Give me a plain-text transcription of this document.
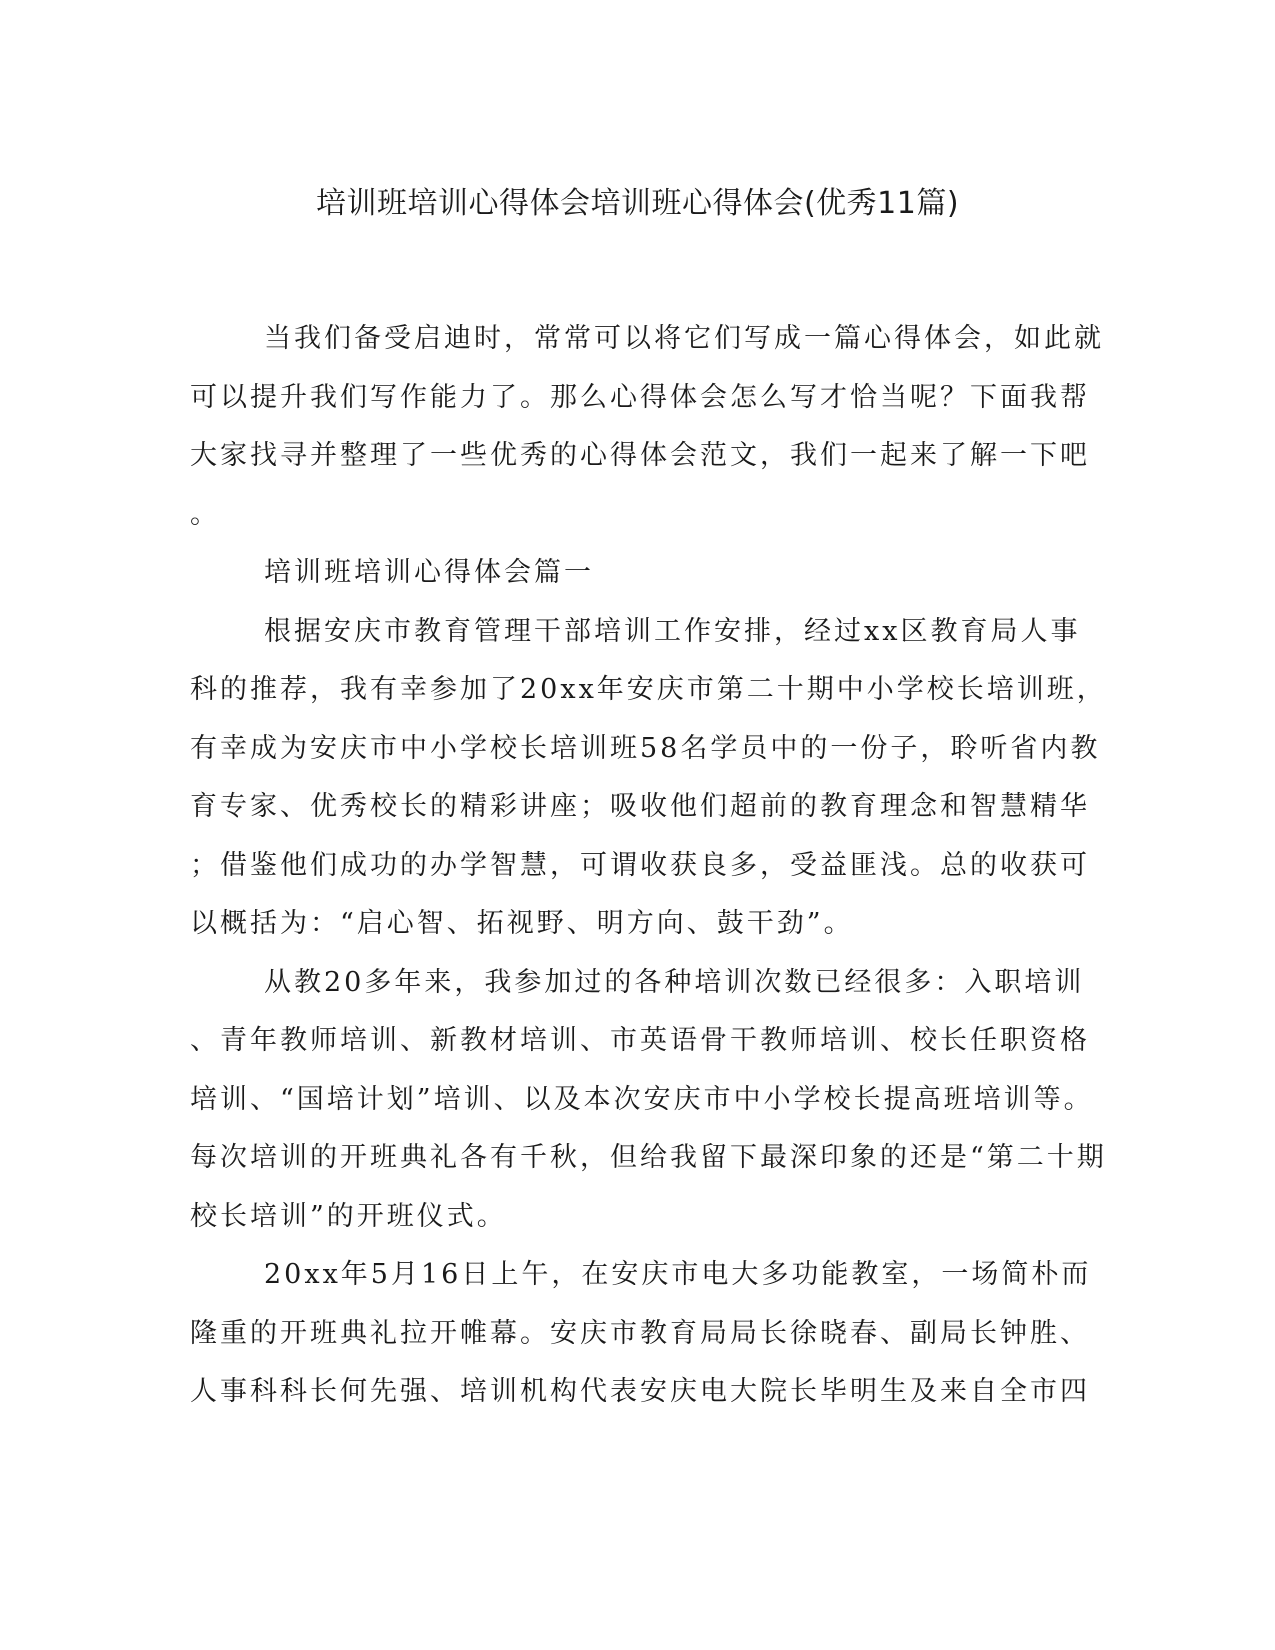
培训班培训心得体会培训班心得体会(优秀11篇)

当我们备受启迪时，常常可以将它们写成一篇心得体会，如此就

可以提升我们写作能力了。那么心得体会怎么写才恰当呢？下面我帮

大家找寻并整理了一些优秀的心得体会范文，我们一起来了解一下吧

。

培训班培训心得体会篇一

根据安庆市教育管理干部培训工作安排，经过xx区教育局人事

科的推荐，我有幸参加了20xx年安庆市第二十期中小学校长培训班，

有幸成为安庆市中小学校长培训班58名学员中的一份子，聆听省内教

育专家、优秀校长的精彩讲座；吸收他们超前的教育理念和智慧精华

；借鉴他们成功的办学智慧，可谓收获良多，受益匪浅。总的收获可

以概括为：“启心智、拓视野、明方向、鼓干劲”。

从教20多年来，我参加过的各种培训次数已经很多：入职培训

、青年教师培训、新教材培训、市英语骨干教师培训、校长任职资格

培训、“国培计划”培训、以及本次安庆市中小学校长提高班培训等。

每次培训的开班典礼各有千秋，但给我留下最深印象的还是“第二十期

校长培训”的开班仪式。

20xx年5月16日上午，在安庆市电大多功能教室，一场简朴而

隆重的开班典礼拉开帷幕。安庆市教育局局长徐晓春、副局长钟胜、

人事科科长何先强、培训机构代表安庆电大院长毕明生及来自全市四
